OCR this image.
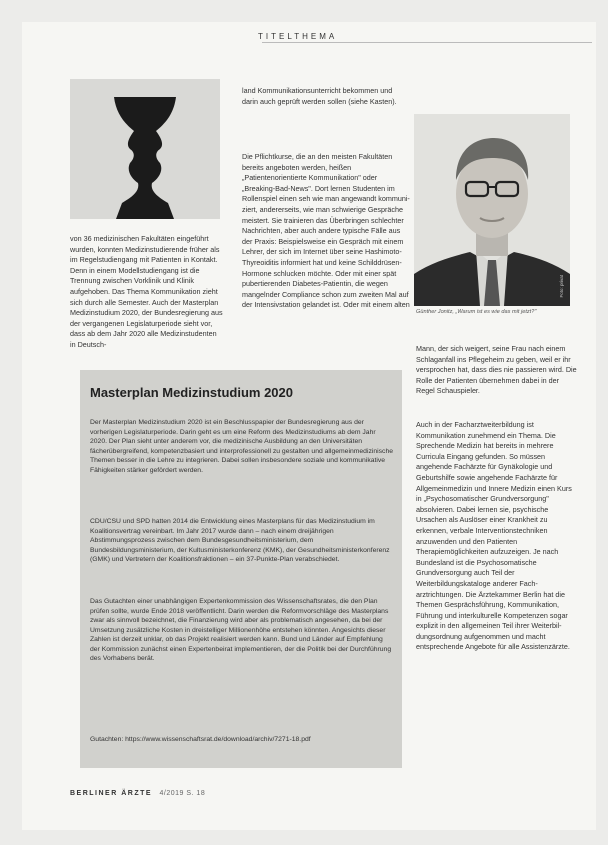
TITELTHEMA
von 36 medizinischen Fakultäten eingeführt wurden, konnten Medizinstudierende früher als im Regelstudiengang mit Patienten in Kontakt. Denn in einem Modellstudiengang ist die Trennung zwischen Vorklinik und Klinik aufgehoben. Das Thema Kommunikation zieht sich durch alle Semester. Auch der Masterplan Medizinstudium 2020, der Bundesregierung aus der vergangenen Legislaturperiode sieht vor, dass ab dem Jahr 2020 alle Medizinstudenten in Deutsch-
land Kommunikationsunterricht bekommen und darin auch geprüft werden sollen (siehe Kasten).
Die Pflichtkurse, die an den meisten Fakultäten bereits angeboten werden, heißen „Patientenorientierte Kommunikation" oder „Breaking-Bad-News". Dort lernen Studenten im Rollenspiel einen seh wie man angewandt kommuniziert, andererseits, wie man schwierige Gespräche meistert. Sie trainieren das Überbringen schlechter Nachrichten, aber auch andere typische Fälle aus der Praxis: Beispielsweise ein Gespräch mit einem Lehrer, der sich im Internet über seine Hashimoto-Thyreoiditis informiert hat und keine Schilddrüsen-Hormone schlucken möchte. Oder mit einer spät pubertierenden Diabetes-Patientin, die wegen mangelnder Compliance schon zum zweiten Mal auf der Intensivstation gelandet ist. Oder mit einem alten
Foto: privat
Günther Jonitz, „Warum ist es wie das mit jetzt?"
Mann, der sich weigert, seine Frau nach einem Schlaganfall ins Pflegeheim zu geben, weil er ihr versprochen hat, dass dies nie passieren wird. Die Rolle der Patienten übernehmen dabei in der Regel Schauspieler.
Auch in der Facharztweiterbildung ist Kommunikation zunehmend ein Thema. Die Sprechende Medizin hat bereits in mehrere Curricula Eingang gefunden. So müssen angehende Fachärzte für Gynäkologie und Geburtshilfe sowie angehende Fachärzte für Allgemeinmedizin und Innere Medizin einen Kurs in „Psychosomatischer Grundversorgung" absolvieren. Dabei lernen sie, psychische Ursachen als Auslöser einer Krankheit zu erkennen, verbale Interventionstechniken anzuwenden und den Patienten Therapiemöglichkeiten aufzuzeigen. Je nach Bundesland ist die Psychosomatische Grundversorgung auch Teil der Weiterbildungskataloge anderer Facharztrichtungen. Die Ärztekammer Berlin hat die Themen Gesprächsführung, Kommunikation, Führung und interkulturelle Kompetenzen sogar explizit in den allgemeinen Teil ihrer Weiterbildungsordnung aufgenommen und macht entsprechende Angebote für alle Assistenzärzte.
Masterplan Medizinstudium 2020
Der Masterplan Medizinstudium 2020 ist ein Beschlusspapier der Bundesregierung aus der vorherigen Legislaturperiode. Darin geht es um eine Reform des Medizinstudiums ab dem Jahr 2020. Der Plan sieht unter anderem vor, die medizinische Ausbildung an den Universitäten fächerübergreifend, kompetenzbasiert und interprofessionell zu gestalten und allgemeinmedizinische Themen besser in die Lehre zu integrieren. Dabei sollen insbesondere soziale und kommunikative Fähigkeiten stärker gefördert werden.
CDU/CSU und SPD hatten 2014 die Entwicklung eines Masterplans für das Medizinstudium im Koalitionsvertrag vereinbart. Im Jahr 2017 wurde dann – nach einem dreijährigen Abstimmungsprozess zwischen dem Bundesgesundheitsministerium, dem Bundesbildungsministerium, der Kultusministerkonferenz (KMK), der Gesundheitsministerkonferenz (GMK) und Vertretern der Koalitionsfraktionen – ein 37-Punkte-Plan verabschiedet.
Das Gutachten einer unabhängigen Expertenkommission des Wissenschaftsrates, die den Plan prüfen sollte, wurde Ende 2018 veröffentlicht. Darin werden die Reformvorschläge des Masterplans zwar als sinnvoll bezeichnet, die Finanzierung wird aber als problematisch angesehen, da bei der Umsetzung zusätzliche Kosten in dreistelliger Millionenhöhe entstehen könnten. Angesichts dieser Zahlen ist derzeit unklar, ob das Projekt realisiert werden kann. Bund und Länder auf Empfehlung der Kommission zunächst einen Expertenbeirat implementieren, der die Politik bei der Durchführung des Vorhabens berät.
Gutachten: https://www.wissenschaftsrat.de/download/archiv/7271-18.pdf
BERLINER ÄRZTE 4/2019 S. 18
